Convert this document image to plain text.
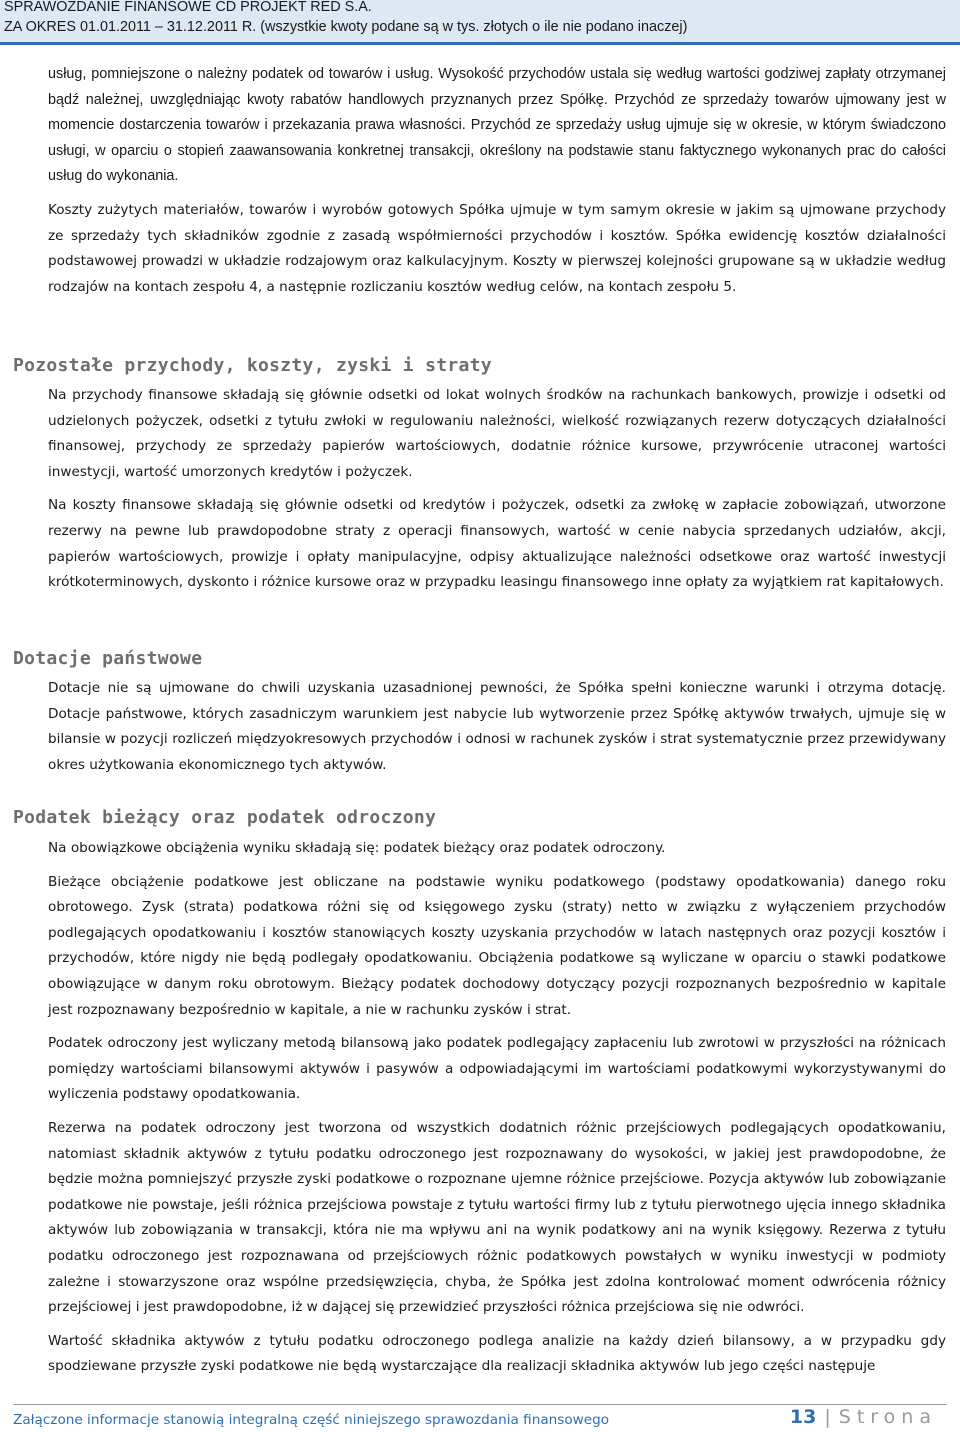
SPRAWOZDANIE FINANSOWE CD PROJEKT RED S.A.
ZA OKRES 01.01.2011 – 31.12.2011 R. (wszystkie kwoty podane są w tys. złotych o ile nie podano inaczej)

usług, pomniejszone o należny podatek od towarów i usług. Wysokość przychodów ustala się według wartości godziwej zapłaty otrzymanej bądź należnej, uwzględniając kwoty rabatów handlowych przyznanych przez Spółkę. Przychód ze sprzedaży towarów ujmowany jest w momencie dostarczenia towarów i przekazania prawa własności. Przychód ze sprzedaży usług ujmuje się w okresie, w którym świadczono usługi, w oparciu o stopień zaawansowania konkretnej transakcji, określony na podstawie stanu faktycznego wykonanych prac do całości usług do wykonania.

Koszty zużytych materiałów, towarów i wyrobów gotowych Spółka ujmuje w tym samym okresie w jakim są ujmowane przychody ze sprzedaży tych składników zgodnie z zasadą współmierności przychodów i kosztów. Spółka ewidencję kosztów działalności podstawowej prowadzi w układzie rodzajowym oraz kalkulacyjnym. Koszty w pierwszej kolejności grupowane są w układzie według rodzajów na kontach zespołu 4, a następnie rozliczaniu kosztów według celów, na kontach zespołu 5.

Pozostałe przychody, koszty, zyski i straty

Na przychody finansowe składają się głównie odsetki od lokat wolnych środków na rachunkach bankowych, prowizje i odsetki od udzielonych pożyczek, odsetki z tytułu zwłoki w regulowaniu należności, wielkość rozwiązanych rezerw dotyczących działalności finansowej, przychody ze sprzedaży papierów wartościowych, dodatnie różnice kursowe, przywrócenie utraconej wartości inwestycji, wartość umorzonych kredytów i pożyczek.

Na koszty finansowe składają się głównie odsetki od kredytów i pożyczek, odsetki za zwłokę w zapłacie zobowiązań, utworzone rezerwy na pewne lub prawdopodobne straty z operacji finansowych, wartość w cenie nabycia sprzedanych udziałów, akcji, papierów wartościowych, prowizje i opłaty manipulacyjne, odpisy aktualizujące należności odsetkowe oraz wartość inwestycji krótkoterminowych, dyskonto i różnice kursowe oraz w przypadku leasingu finansowego inne opłaty za wyjątkiem rat kapitałowych.

Dotacje państwowe

Dotacje nie są ujmowane do chwili uzyskania uzasadnionej pewności, że Spółka spełni konieczne warunki i otrzyma dotację. Dotacje państwowe, których zasadniczym warunkiem jest nabycie lub wytworzenie przez Spółkę aktywów trwałych, ujmuje się w bilansie w pozycji rozliczeń międzyokresowych przychodów i odnosi w rachunek zysków i strat systematycznie przez przewidywany okres użytkowania ekonomicznego tych aktywów.

Podatek bieżący oraz podatek odroczony

Na obowiązkowe obciążenia wyniku składają się: podatek bieżący oraz podatek odroczony.

Bieżące obciążenie podatkowe jest obliczane na podstawie wyniku podatkowego (podstawy opodatkowania) danego roku obrotowego. Zysk (strata) podatkowa różni się od księgowego zysku (straty) netto w związku z wyłączeniem przychodów podlegających opodatkowaniu i kosztów stanowiących koszty uzyskania przychodów w latach następnych oraz pozycji kosztów i przychodów, które nigdy nie będą podlegały opodatkowaniu. Obciążenia podatkowe są wyliczane w oparciu o stawki podatkowe obowiązujące w danym roku obrotowym. Bieżący podatek dochodowy dotyczący pozycji rozpoznanych bezpośrednio w kapitale jest rozpoznawany bezpośrednio w kapitale, a nie w rachunku zysków i strat.

Podatek odroczony jest wyliczany metodą bilansową jako podatek podlegający zapłaceniu lub zwrotowi w przyszłości na różnicach pomiędzy wartościami bilansowymi aktywów i pasywów a odpowiadającymi im wartościami podatkowymi wykorzystywanymi do wyliczenia podstawy opodatkowania.

Rezerwa na podatek odroczony jest tworzona od wszystkich dodatnich różnic przejściowych podlegających opodatkowaniu, natomiast składnik aktywów z tytułu podatku odroczonego jest rozpoznawany do wysokości, w jakiej jest prawdopodobne, że będzie można pomniejszyć przyszłe zyski podatkowe o rozpoznane ujemne różnice przejściowe. Pozycja aktywów lub zobowiązanie podatkowe nie powstaje, jeśli różnica przejściowa powstaje z tytułu wartości firmy lub z tytułu pierwotnego ujęcia innego składnika aktywów lub zobowiązania w transakcji, która nie ma wpływu ani na wynik podatkowy ani na wynik księgowy. Rezerwa z tytułu podatku odroczonego jest rozpoznawana od przejściowych różnic podatkowych powstałych w wyniku inwestycji w podmioty zależne i stowarzyszone oraz wspólne przedsięwzięcia, chyba, że Spółka jest zdolna kontrolować moment odwrócenia różnicy przejściowej i jest prawdopodobne, iż w dającej się przewidzieć przyszłości różnica przejściowa się nie odwróci.

Wartość składnika aktywów z tytułu podatku odroczonego podlega analizie na każdy dzień bilansowy, a w przypadku gdy spodziewane przyszłe zyski podatkowe nie będą wystarczające dla realizacji składnika aktywów lub jego części następuje

Załączone informacje stanowią integralną część niniejszego sprawozdania finansowego	13 | Strona
